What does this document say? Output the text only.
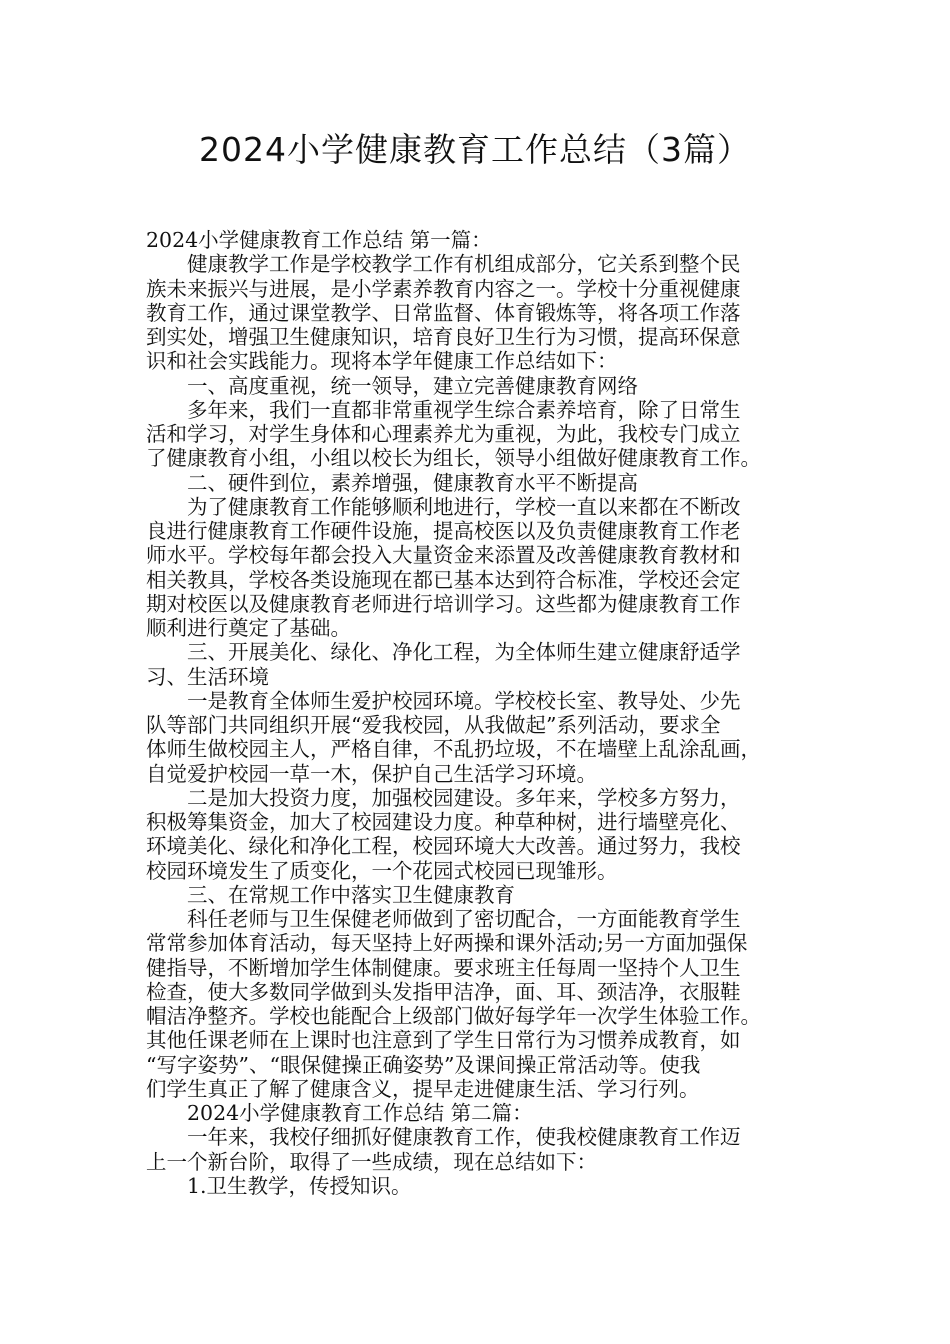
2024小学健康教育工作总结（3篇）
2024小学健康教育工作总结 第一篇：
健康教学工作是学校教学工作有机组成部分，它关系到整个民
族未来振兴与进展，是小学素养教育内容之一。学校十分重视健康
教育工作，通过课堂教学、日常监督、体育锻炼等，将各项工作落
到实处，增强卫生健康知识，培育良好卫生行为习惯，提高环保意
识和社会实践能力。现将本学年健康工作总结如下：
一、高度重视，统一领导，建立完善健康教育网络
多年来，我们一直都非常重视学生综合素养培育，除了日常生
活和学习，对学生身体和心理素养尤为重视，为此，我校专门成立
了健康教育小组，小组以校长为组长，领导小组做好健康教育工作。
二、硬件到位，素养增强，健康教育水平不断提高
为了健康教育工作能够顺利地进行，学校一直以来都在不断改
良进行健康教育工作硬件设施，提高校医以及负责健康教育工作老
师水平。学校每年都会投入大量资金来添置及改善健康教育教材和
相关教具，学校各类设施现在都已基本达到符合标准，学校还会定
期对校医以及健康教育老师进行培训学习。这些都为健康教育工作
顺利进行奠定了基础。
三、开展美化、绿化、净化工程，为全体师生建立健康舒适学
习、生活环境
一是教育全体师生爱护校园环境。学校校长室、教导处、少先
队等部门共同组织开展“爱我校园，从我做起”系列活动，要求全
体师生做校园主人，严格自律，不乱扔垃圾，不在墙壁上乱涂乱画，
自觉爱护校园一草一木，保护自己生活学习环境。
二是加大投资力度，加强校园建设。多年来，学校多方努力，
积极筹集资金，加大了校园建设力度。种草种树，进行墙壁亮化、
环境美化、绿化和净化工程，校园环境大大改善。通过努力，我校
校园环境发生了质变化，一个花园式校园已现雏形。
三、在常规工作中落实卫生健康教育
科任老师与卫生保健老师做到了密切配合，一方面能教育学生
常常参加体育活动，每天坚持上好两操和课外活动;另一方面加强保
健指导，不断增加学生体制健康。要求班主任每周一坚持个人卫生
检查，使大多数同学做到头发指甲洁净，面、耳、颈洁净，衣服鞋
帽洁净整齐。学校也能配合上级部门做好每学年一次学生体验工作。
其他任课老师在上课时也注意到了学生日常行为习惯养成教育，如
“写字姿势”、“眼保健操正确姿势”及课间操正常活动等。使我
们学生真正了解了健康含义，提早走进健康生活、学习行列。
2024小学健康教育工作总结 第二篇：
一年来，我校仔细抓好健康教育工作，使我校健康教育工作迈
上一个新台阶，取得了一些成绩，现在总结如下：
1.卫生教学，传授知识。
